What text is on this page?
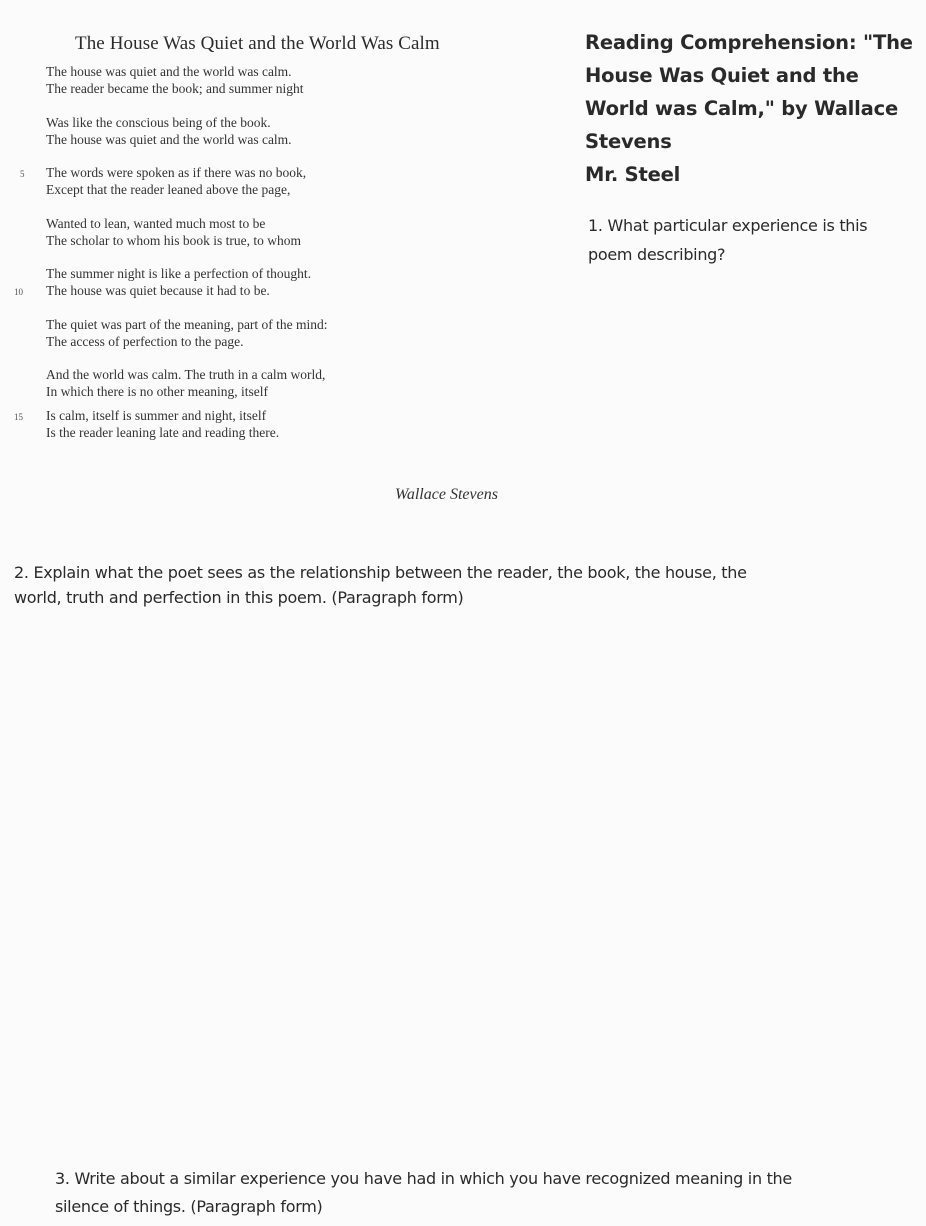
The House Was Quiet and the World Was Calm
The house was quiet and the world was calm.
The reader became the book; and summer night
Was like the conscious being of the book.
The house was quiet and the world was calm.
The words were spoken as if there was no book,
Except that the reader leaned above the page,
Wanted to lean, wanted much most to be
The scholar to whom his book is true, to whom
The summer night is like a perfection of thought.
The house was quiet because it had to be.
The quiet was part of the meaning, part of the mind:
The access of perfection to the page.
And the world was calm. The truth in a calm world,
In which there is no other meaning, itself
Is calm, itself is summer and night, itself
Is the reader leaning late and reading there.
5
10
15
Wallace Stevens
Reading Comprehension: "The
House Was Quiet and the
World was Calm," by Wallace
Stevens
Mr. Steel
1. What particular experience is this
poem describing?
2. Explain what the poet sees as the relationship between the reader, the book, the house, the
world, truth and perfection in this poem. (Paragraph form)
3. Write about a similar experience you have had in which you have recognized meaning in the
silence of things. (Paragraph form)
